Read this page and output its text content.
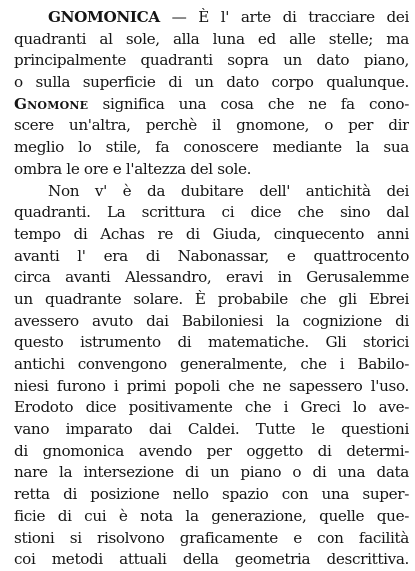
GNOMONICA — È l' arte di tracciare dei
quadranti al sole, alla luna ed alle stelle; ma
principalmente quadranti sopra un dato piano,
o sulla superficie di un dato corpo qualunque.
Gnomone significa una cosa che ne fa cono-
scere un'altra, perchè il gnomone, o per dir
meglio lo stile, fa conoscere mediante la sua
ombra le ore e l'altezza del sole.
Non v' è da dubitare dell' antichità dei
quadranti. La scrittura ci dice che sino dal
tempo di Achas re di Giuda, cinquecento anni
avanti l' era di Nabonassar, e quattrocento
circa avanti Alessandro, eravi in Gerusalemme
un quadrante solare. È probabile che gli Ebrei
avessero avuto dai Babiloniesi la cognizione di
questo istrumento di matematiche. Gli storici
antichi convengono generalmente, che i Babilo-
niesi furono i primi popoli che ne sapessero l'uso.
Erodoto dice positivamente che i Greci lo ave-
vano imparato dai Caldei. Tutte le questioni
di gnomonica avendo per oggetto di determi-
nare la intersezione di un piano o di una data
retta di posizione nello spazio con una super-
ficie di cui è nota la generazione, quelle que-
stioni si risolvono graficamente e con facilità
coi metodi attuali della geometria descrittiva.
